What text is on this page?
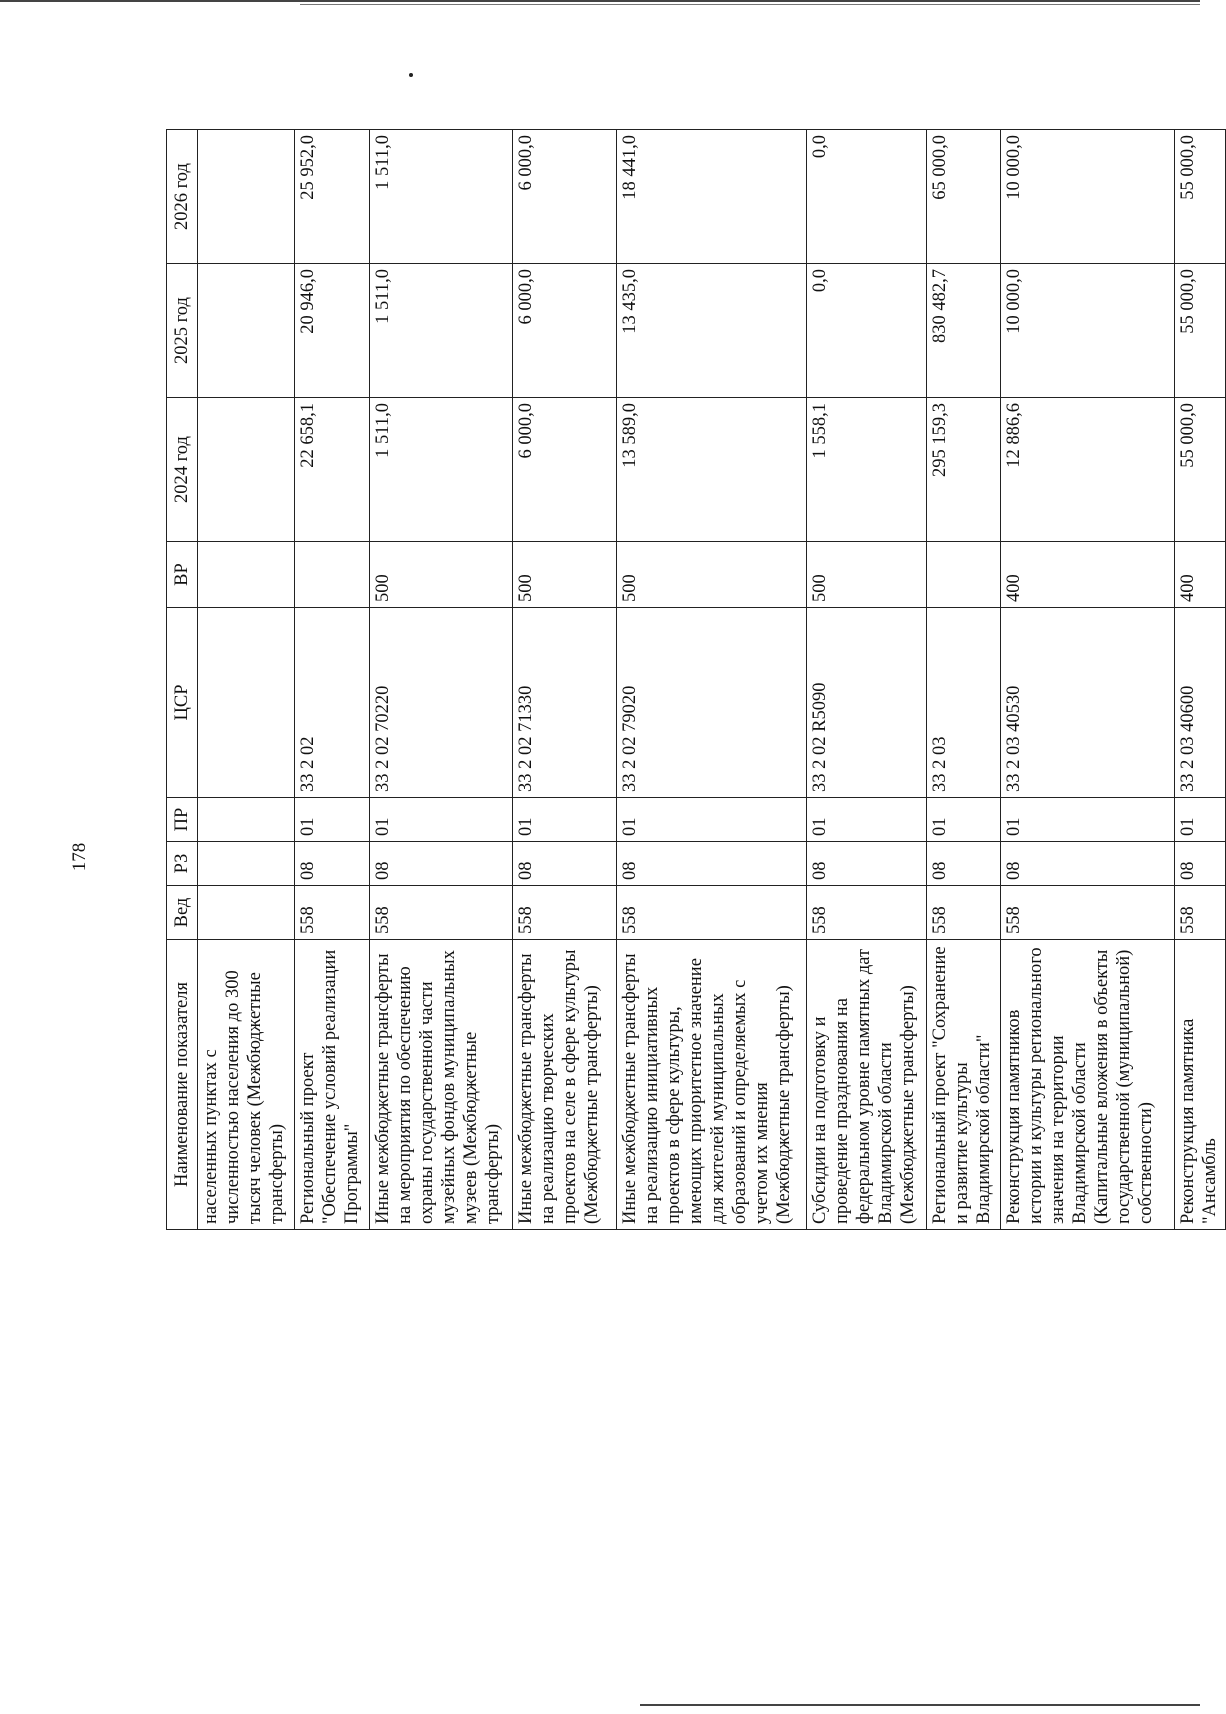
178
Наименование показателя	Вед	РЗ	ПР	ЦСР	ВР	2024 год	2025 год	2026 год
населенных пунктах с численностью населения до 300 тысяч человек (Межбюджетные трансферты)								
Региональный проект "Обеспечение условий реализации Программы"	558	08	01	33 2 02		22 658,1	20 946,0	25 952,0
Иные межбюджетные трансферты на мероприятия по обеспечению охраны государственной части музейных фондов муниципальных музеев (Межбюджетные трансферты)	558	08	01	33 2 02 70220	500	1 511,0	1 511,0	1 511,0
Иные межбюджетные трансферты на реализацию творческих проектов на селе в сфере культуры (Межбюджетные трансферты)	558	08	01	33 2 02 71330	500	6 000,0	6 000,0	6 000,0
Иные межбюджетные трансферты на реализацию инициативных проектов в сфере культуры, имеющих приоритетное значение для жителей муниципальных образований и определяемых с учетом их мнения (Межбюджетные трансферты)	558	08	01	33 2 02 79020	500	13 589,0	13 435,0	18 441,0
Субсидии на подготовку и проведение празднования на федеральном уровне памятных дат Владимирской области (Межбюджетные трансферты)	558	08	01	33 2 02 R5090	500	1 558,1	0,0	0,0
Региональный проект "Сохранение и развитие культуры Владимирской области"	558	08	01	33 2 03		295 159,3	830 482,7	65 000,0
Реконструкция памятников истории и культуры регионального значения на территории Владимирской области (Капитальные вложения в объекты государственной (муниципальной) собственности)	558	08	01	33 2 03 40530	400	12 886,6	10 000,0	10 000,0
Реконструкция памятника "Ансамбль	558	08	01	33 2 03 40600	400	55 000,0	55 000,0	55 000,0
